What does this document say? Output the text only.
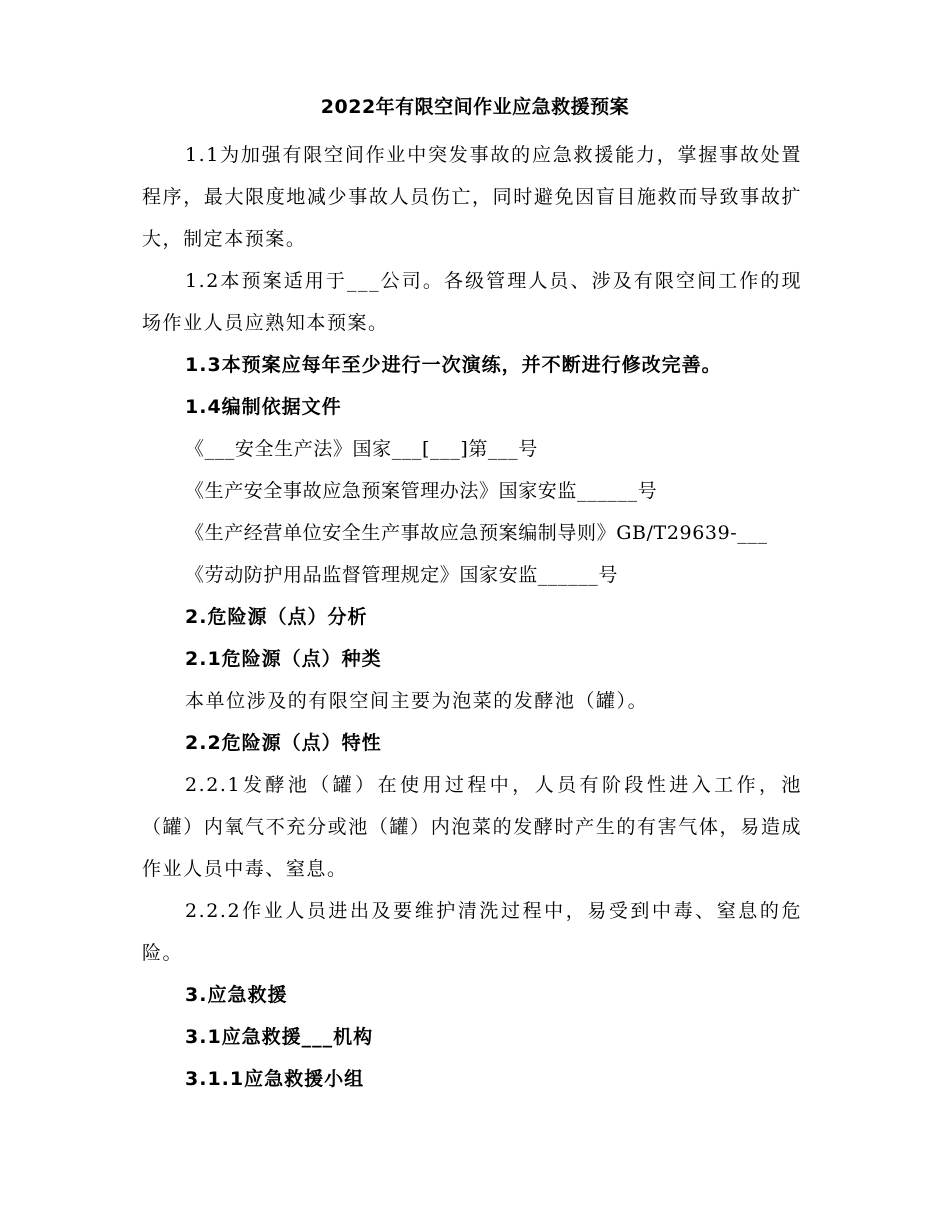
2022年有限空间作业应急救援预案

1.1为加强有限空间作业中突发事故的应急救援能力，掌握事故处置程序，最大限度地减少事故人员伤亡，同时避免因盲目施救而导致事故扩大，制定本预案。

1.2本预案适用于___公司。各级管理人员、涉及有限空间工作的现场作业人员应熟知本预案。

1.3本预案应每年至少进行一次演练，并不断进行修改完善。

1.4编制依据文件

《___安全生产法》国家___[___]第___号

《生产安全事故应急预案管理办法》国家安监______号

《生产经营单位安全生产事故应急预案编制导则》GB/T29639-___

《劳动防护用品监督管理规定》国家安监______号

2.危险源（点）分析

2.1危险源（点）种类

本单位涉及的有限空间主要为泡菜的发酵池（罐）。

2.2危险源（点）特性

2.2.1发酵池（罐）在使用过程中，人员有阶段性进入工作，池（罐）内氧气不充分或池（罐）内泡菜的发酵时产生的有害气体，易造成作业人员中毒、窒息。

2.2.2作业人员进出及要维护清洗过程中，易受到中毒、窒息的危险。

3.应急救援

3.1应急救援___机构

3.1.1应急救援小组
